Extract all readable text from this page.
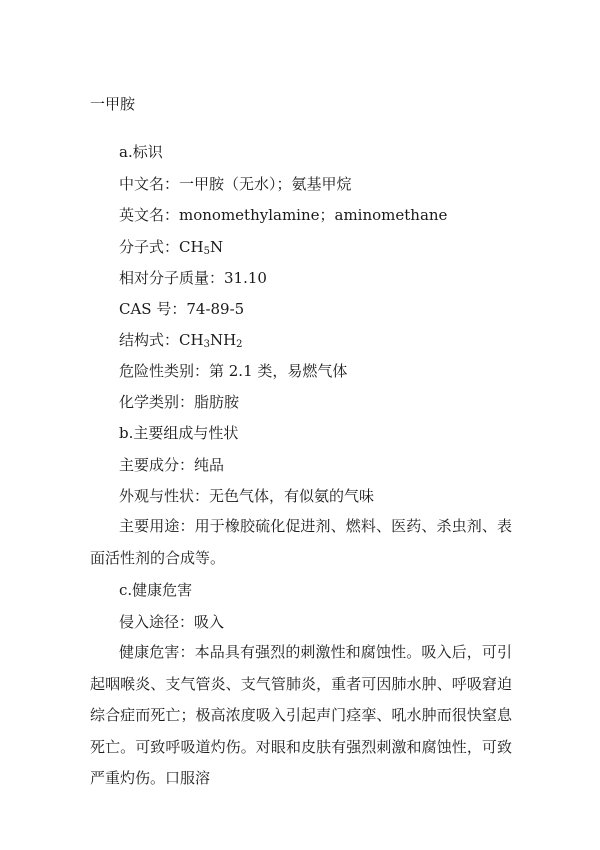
一甲胺
a.标识
中文名：一甲胺（无水）；氨基甲烷
英文名：monomethylamine；aminomethane
分子式：$CH_5N$
相对分子质量：31.10
CAS 号：74-89-5
结构式：$CH_3NH_2$
危险性类别：第 2.1 类，易燃气体
化学类别：脂肪胺
b.主要组成与性状
主要成分：纯品
外观与性状：无色气体，有似氨的气味
主要用途：用于橡胶硫化促进剂、燃料、医药、杀虫剂、表面活性剂的合成等。
c.健康危害
侵入途径：吸入
健康危害：本品具有强烈的刺激性和腐蚀性。吸入后，可引起咽喉炎、支气管炎、支气管肺炎，重者可因肺水肿、呼吸窘迫综合症而死亡；极高浓度吸入引起声门痉挛、吼水肿而很快窒息死亡。可致呼吸道灼伤。对眼和皮肤有强烈刺激和腐蚀性，可致严重灼伤。口服溶
